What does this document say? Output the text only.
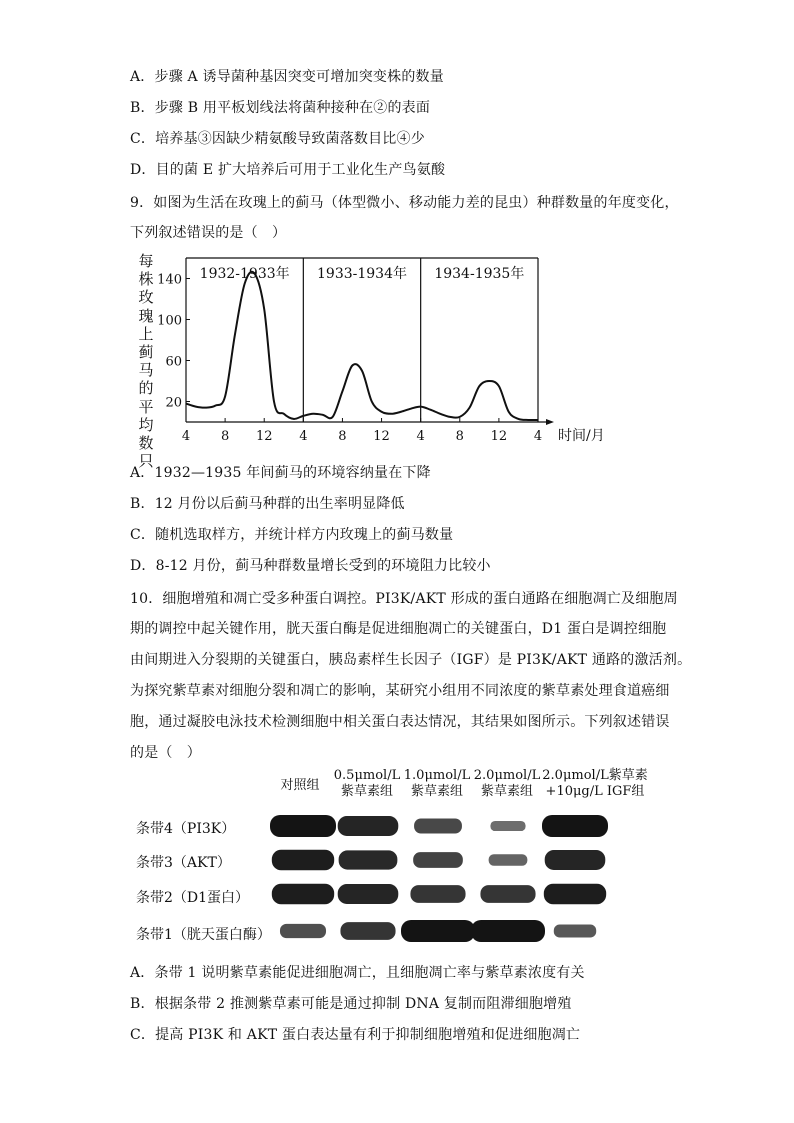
A．步骤 A 诱导菌种基因突变可增加突变株的数量
B．步骤 B 用平板划线法将菌种接种在②的表面
C．培养基③因缺少精氨酸导致菌落数目比④少
D．目的菌 E 扩大培养后可用于工业化生产鸟氨酸
9．如图为生活在玫瑰上的蓟马（体型微小、移动能力差的昆虫）种群数量的年度变化，
下列叙述错误的是（　）
每
株
玫
瑰
上
蓟
马
的
平
均
数
只
1932-1933年 1933-1934年 1934-1935年
20
60
100
140
4 8 12 4 8 12 4 8 12 4 时间/月
A．1932—1935 年间蓟马的环境容纳量在下降
B．12 月份以后蓟马种群的出生率明显降低
C．随机选取样方，并统计样方内玫瑰上的蓟马数量
D．8-12 月份，蓟马种群数量增长受到的环境阻力比较小
10．细胞增殖和凋亡受多种蛋白调控。PI3K/AKT 形成的蛋白通路在细胞凋亡及细胞周
期的调控中起关键作用，胱天蛋白酶是促进细胞凋亡的关键蛋白，D1 蛋白是调控细胞
由间期进入分裂期的关键蛋白，胰岛素样生长因子（IGF）是 PI3K/AKT 通路的激活剂。
为探究紫草素对细胞分裂和凋亡的影响，某研究小组用不同浓度的紫草素处理食道癌细
胞，通过凝胶电泳技术检测细胞中相关蛋白表达情况，其结果如图所示。下列叙述错误
的是（　）
对照组
0.5μmol/L
紫草素组
1.0μmol/L
紫草素组
2.0μmol/L
紫草素组
2.0μmol/L紫草素
+10μg/L IGF组
条带4（PI3K）
条带3（AKT）
条带2（D1蛋白）
条带1（胱天蛋白酶）
A．条带 1 说明紫草素能促进细胞凋亡，且细胞凋亡率与紫草素浓度有关
B．根据条带 2 推测紫草素可能是通过抑制 DNA 复制而阻滞细胞增殖
C．提高 PI3K 和 AKT 蛋白表达量有利于抑制细胞增殖和促进细胞凋亡
